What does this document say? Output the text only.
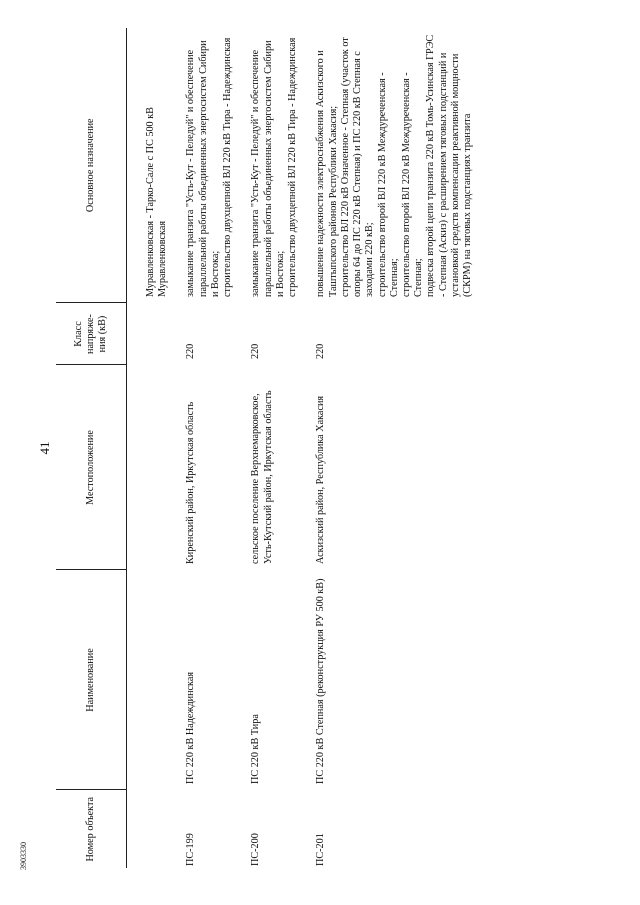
41
3903330	Номер объекта	Наименование	Местоположение	Класс напряже-ния (кВ)	Основное назначение

				Муравленковская - Тарко-Сале с ПС 500 кВ Муравленковская
ПС-199	ПС 220 кВ Надеждинская	Киренский район, Иркутская область	220	замыкание транзита "Усть-Кут - Пеледуй" и обеспечение параллельной работы объединенных энергосистем Сибири и Востока;
строительство двухцепной ВЛ 220 кВ Тира - Надеждинская
ПС-200	ПС 220 кВ Тира	сельское поселение Верхнемарковское, Усть-Кутский район, Иркутская область	220	замыкание транзита "Усть-Кут - Пеледуй" и обеспечение параллельной работы объединенных энергосистем Сибири и Востока;
строительство двухцепной ВЛ 220 кВ Тира - Надеждинская
ПС-201	ПС 220 кВ Степная (реконструкция РУ 500 кВ)	Аскизский район, Республика Хакасия	220	повышение надежности электроснабжения Аскизского и Таштыпского районов Республики Хакасия;
строительство ВЛ 220 кВ Означенное - Степная (участок от опоры 64 до ПС 220 кВ Степная) и ПС 220 кВ Степная с заходами 220 кВ;
строительство второй ВЛ 220 кВ Междуреченская - Степная;
строительство второй ВЛ 220 кВ Междуреченская - Степная;
подвеска второй цепи транзита 220 кВ Томь-Усинская ГРЭС - Степная (Аскиз) с расширением тяговых подстанций и установкой средств компенсации реактивной мощности (СКРМ) на тяговых подстанциях транзита
